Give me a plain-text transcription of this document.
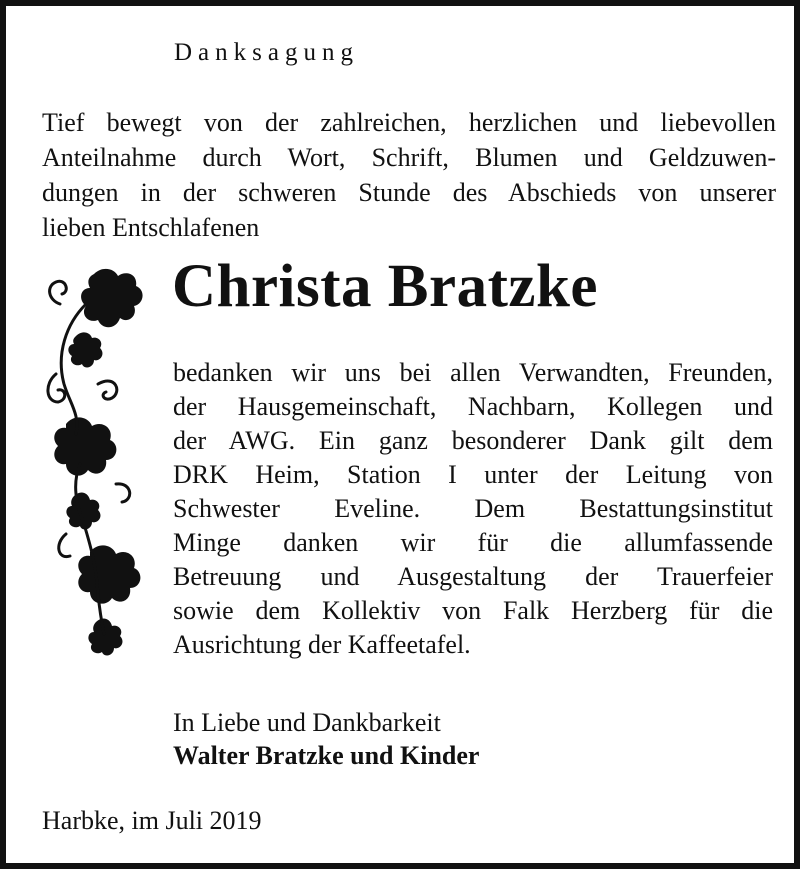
Danksagung
Tief bewegt von der zahlreichen, herzlichen und liebevollen
Anteilnahme durch Wort, Schrift, Blumen und Geldzuwen-
dungen in der schweren Stunde des Abschieds von unserer
lieben Entschlafenen
Christa Bratzke
bedanken wir uns bei allen Verwandten, Freunden,
der Hausgemeinschaft, Nachbarn, Kollegen und
der AWG. Ein ganz besonderer Dank gilt dem
DRK Heim, Station I unter der Leitung von
Schwester Eveline. Dem Bestattungsinstitut
Minge danken wir für die allumfassende
Betreuung und Ausgestaltung der Trauerfeier
sowie dem Kollektiv von Falk Herzberg für die
Ausrichtung der Kaffeetafel.
In Liebe und Dankbarkeit
Walter Bratzke und Kinder
Harbke, im Juli 2019
